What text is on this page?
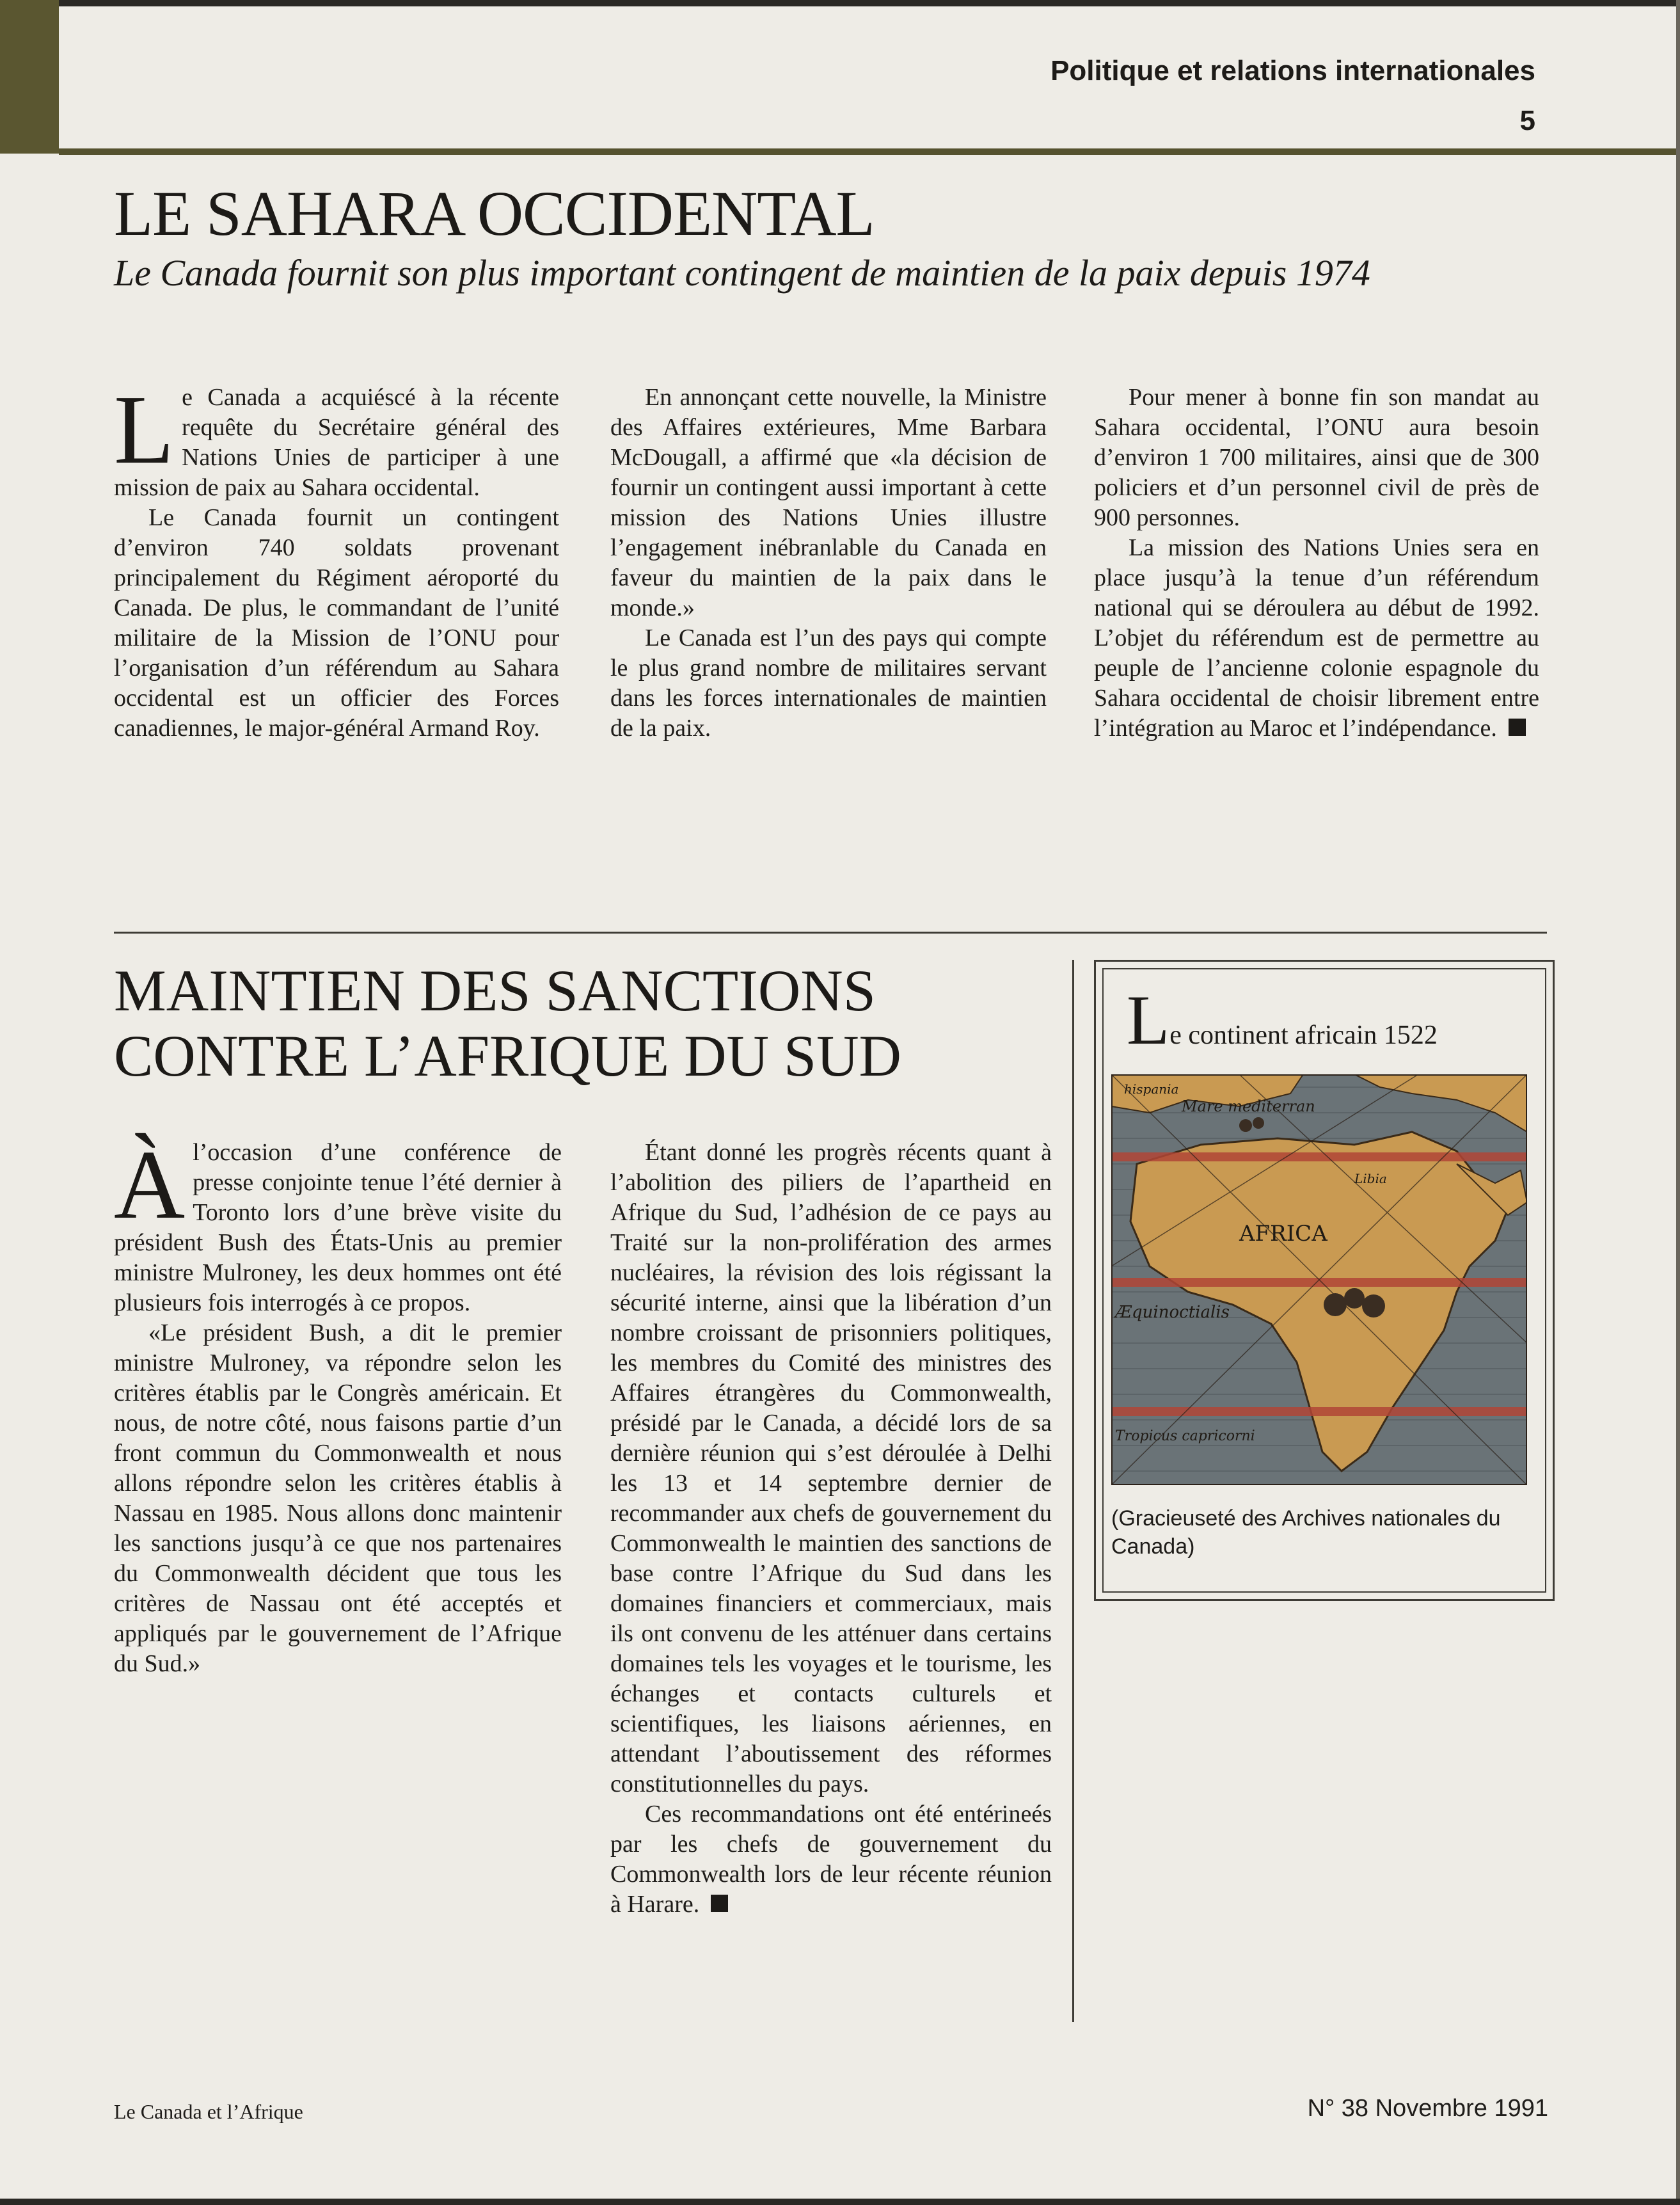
Politique et relations internationales
5
LE SAHARA OCCIDENTAL
Le Canada fournit son plus important contingent de maintien de la paix depuis 1974

Le Canada a acquiéscé à la récente requête du Secrétaire général des Nations Unies de participer à une mission de paix au Sahara occidental.

Le Canada fournit un contingent d’environ 740 soldats provenant principalement du Régiment aéroporté du Canada. De plus, le commandant de l’unité militaire de la Mission de l’ONU pour l’organisation d’un référendum au Sahara occidental est un officier des Forces canadiennes, le major-général Armand Roy.

En annonçant cette nouvelle, la Ministre des Affaires extérieures, Mme Barbara McDougall, a affirmé que «la décision de fournir un contingent aussi important à cette mission des Nations Unies illustre l’engagement inébranlable du Canada en faveur du maintien de la paix dans le monde.»

Le Canada est l’un des pays qui compte le plus grand nombre de militaires servant dans les forces internationales de maintien de la paix.

Pour mener à bonne fin son mandat au Sahara occidental, l’ONU aura besoin d’environ 1 700 militaires, ainsi que de 300 policiers et d’un personnel civil de près de 900 personnes.

La mission des Nations Unies sera en place jusqu’à la tenue d’un référendum national qui se déroulera au début de 1992. L’objet du référendum est de permettre au peuple de l’ancienne colonie espagnole du Sahara occidental de choisir librement entre l’intégration au Maroc et l’indépendance.

MAINTIEN DES SANCTIONS
CONTRE L’AFRIQUE DU SUD

Àl’occasion d’une conférence de presse conjointe tenue l’été dernier à Toronto lors d’une brève visite du président Bush des États-Unis au premier ministre Mulroney, les deux hommes ont été plusieurs fois interrogés à ce propos.

«Le président Bush, a dit le premier ministre Mulroney, va répondre selon les critères établis par le Congrès américain. Et nous, de notre côté, nous faisons partie d’un front commun du Commonwealth et nous allons répondre selon les critères établis à Nassau en 1985. Nous allons donc maintenir les sanctions jusqu’à ce que nos partenaires du Commonwealth décident que tous les critères de Nassau ont été acceptés et appliqués par le gouvernement de l’Afrique du Sud.»

Étant donné les progrès récents quant à l’abolition des piliers de l’apartheid en Afrique du Sud, l’adhésion de ce pays au Traité sur la non-prolifération des armes nucléaires, la révision des lois régissant la sécurité interne, ainsi que la libération d’un nombre croissant de prisonniers politiques, les membres du Comité des ministres des Affaires étrangères du Commonwealth, présidé par le Canada, a décidé lors de sa dernière réunion qui s’est déroulée à Delhi les 13 et 14 septembre dernier de recommander aux chefs de gouvernement du Commonwealth le maintien des sanctions de base contre l’Afrique du Sud dans les domaines financiers et commerciaux, mais ils ont convenu de les atténuer dans certains domaines tels les voyages et le tourisme, les échanges et contacts culturels et scientifiques, les liaisons aériennes, en attendant l’aboutissement des réformes constitutionnelles du pays.

Ces recommandations ont été entérineés par les chefs de gouvernement du Commonwealth lors de leur récente réunion à Harare.

Le continent africain 1522
Mare mediterran
hispania
Libia
AFRICA
Æquinoctialis
Tropicus capricorni
(Gracieuseté des Archives nationales du Canada)
Le Canada et l’Afrique	N° 38 Novembre 1991
